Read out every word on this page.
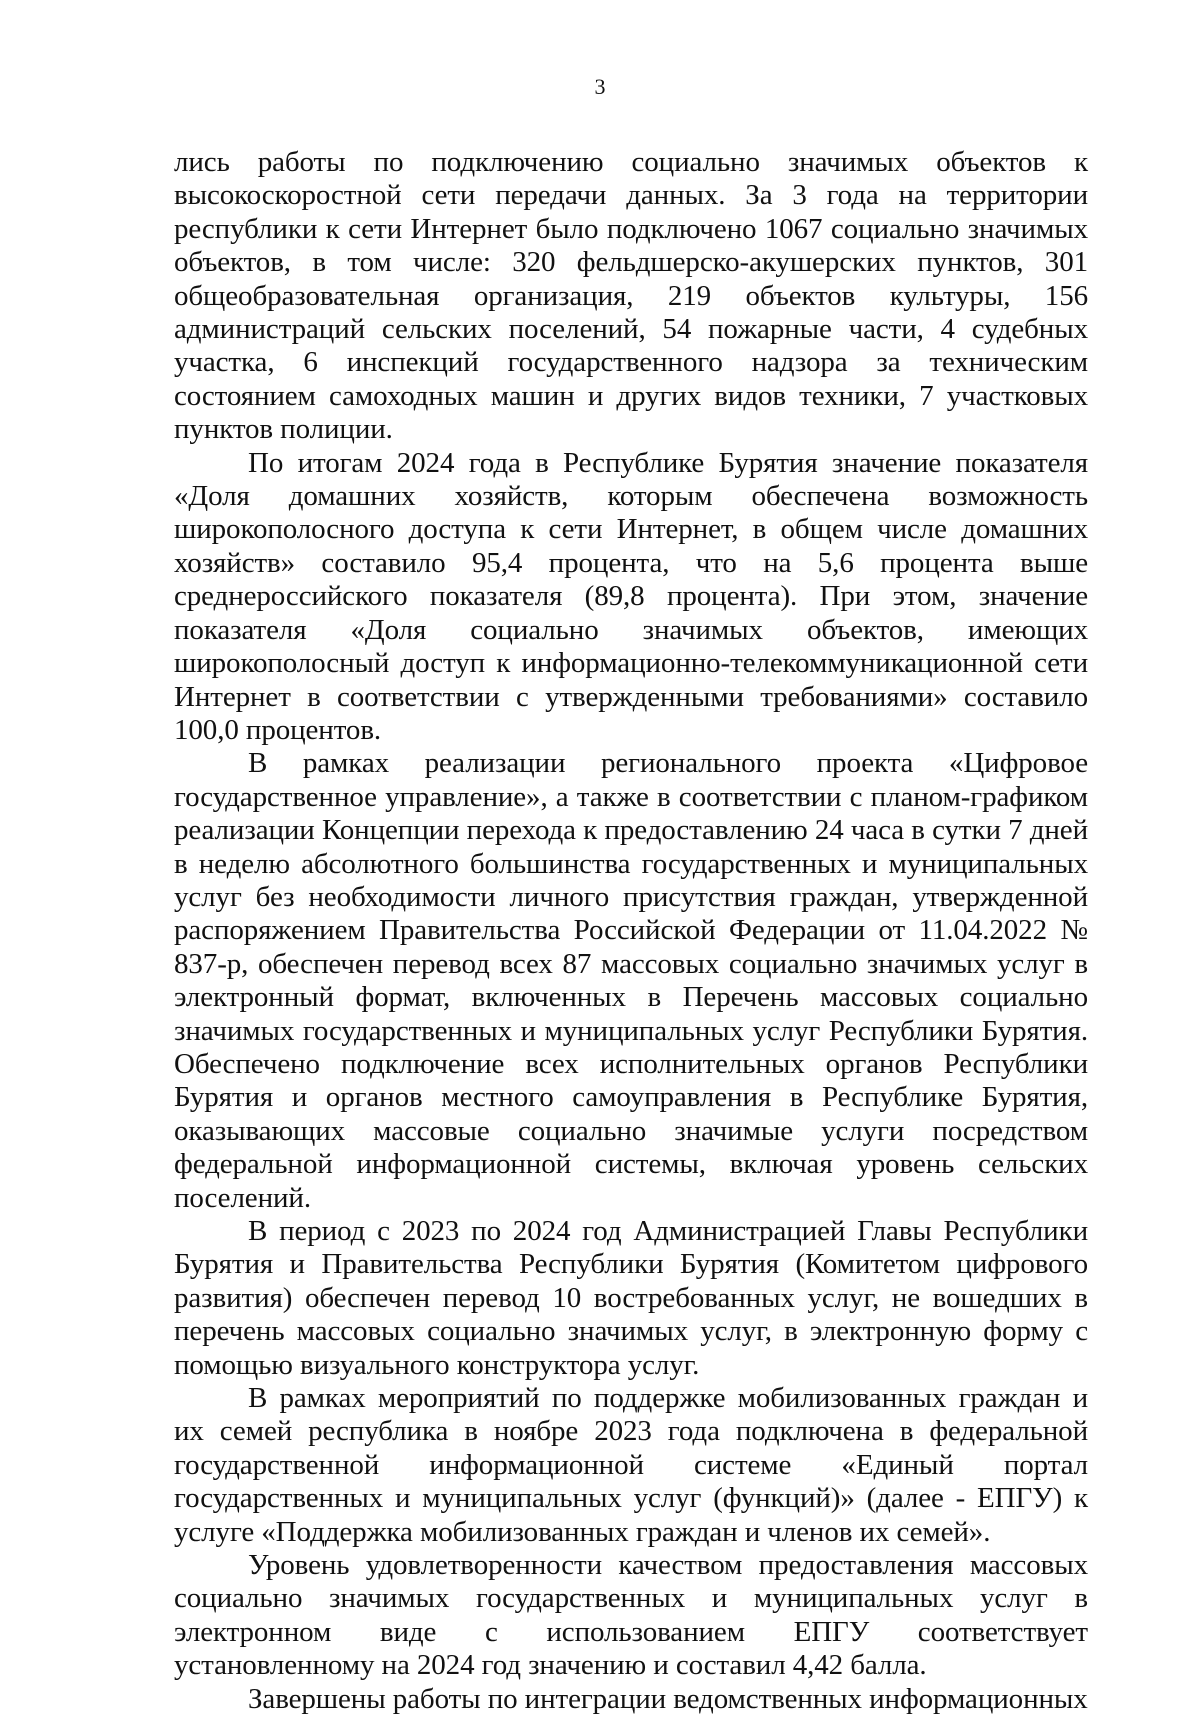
3

лись работы по подключению социально значимых объектов к высокоскоростной сети передачи данных. За 3 года на территории республики к сети Интернет было подключено 1067 социально значимых объектов, в том числе: 320 фельдшерско-акушерских пунктов, 301 общеобразовательная организация, 219 объектов культуры, 156 администраций сельских поселений, 54 пожарные части, 4 судебных участка, 6 инспекций государственного надзора за техническим состоянием самоходных машин и других видов техники, 7 участковых пунктов полиции.

По итогам 2024 года в Республике Бурятия значение показателя «Доля домашних хозяйств, которым обеспечена возможность широкополосного доступа к сети Интернет, в общем числе домашних хозяйств» составило 95,4 процента, что на 5,6 процента выше среднероссийского показателя (89,8 процента). При этом, значение показателя «Доля социально значимых объектов, имеющих широкополосный доступ к информационно-телекоммуникационной сети Интернет в соответствии с утвержденными требованиями» составило 100,0 процентов.

В рамках реализации регионального проекта «Цифровое государственное управление», а также в соответствии с планом-графиком реализации Концепции перехода к предоставлению 24 часа в сутки 7 дней в неделю абсолютного большинства государственных и муниципальных услуг без необходимости личного присутствия граждан, утвержденной распоряжением Правительства Российской Федерации от 11.04.2022 № 837-р, обеспечен перевод всех 87 массовых социально значимых услуг в электронный формат, включенных в Перечень массовых социально значимых государственных и муниципальных услуг Республики Бурятия. Обеспечено подключение всех исполнительных органов Республики Бурятия и органов местного самоуправления в Республике Бурятия, оказывающих массовые социально значимые услуги посредством федеральной информационной системы, включая уровень сельских поселений.

В период с 2023 по 2024 год Администрацией Главы Республики Бурятия и Правительства Республики Бурятия (Комитетом цифрового развития) обеспечен перевод 10 востребованных услуг, не вошедших в перечень массовых социально значимых услуг, в электронную форму с помощью визуального конструктора услуг.

В рамках мероприятий по поддержке мобилизованных граждан и их семей республика в ноябре 2023 года подключена в федеральной государственной информационной системе «Единый портал государственных и муниципальных услуг (функций)» (далее - ЕПГУ) к услуге «Поддержка мобилизованных граждан и членов их семей».

Уровень удовлетворенности качеством предоставления массовых социально значимых государственных и муниципальных услуг в электронном виде с использованием ЕПГУ соответствует установленному на 2024 год значению и составил 4,42 балла.

Завершены работы по интеграции ведомственных информационных
